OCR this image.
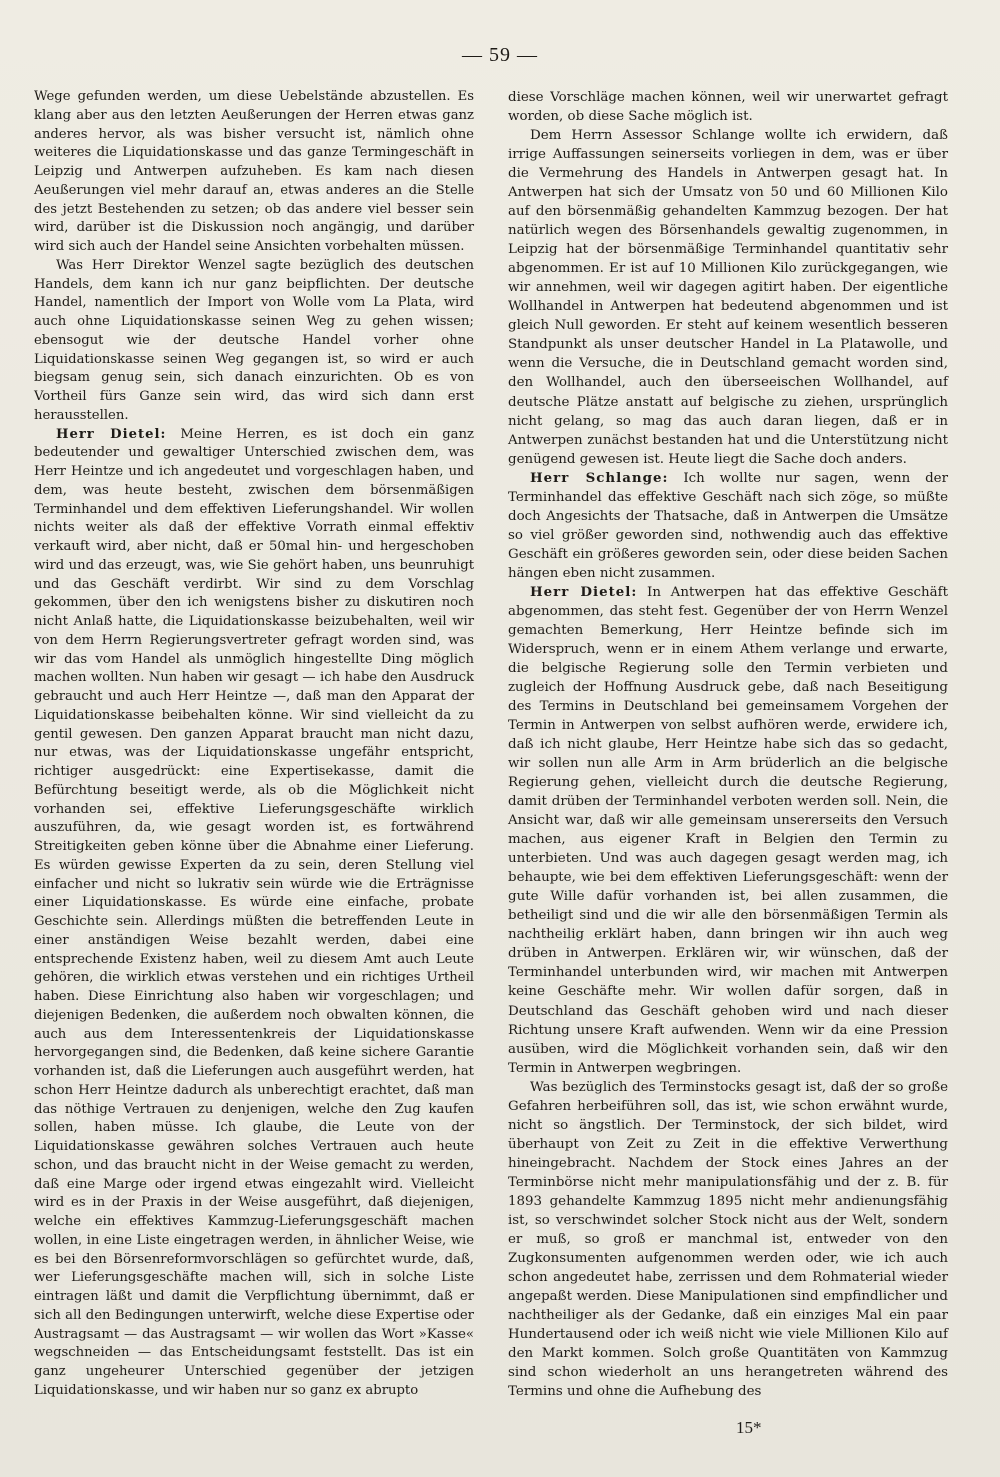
— 59 —

Wege gefunden werden, um diese Uebelstände abzustellen. Es klang aber aus den letzten Aeußerungen der Herren etwas ganz anderes hervor, als was bisher versucht ist, nämlich ohne weiteres die Liquidationskasse und das ganze Termingeschäft in Leipzig und Antwerpen aufzuheben. Es kam nach diesen Aeußerungen viel mehr darauf an, etwas anderes an die Stelle des jetzt Bestehenden zu setzen; ob das andere viel besser sein wird, darüber ist die Diskussion noch angängig, und darüber wird sich auch der Handel seine Ansichten vorbehalten müssen.

Was Herr Direktor Wenzel sagte bezüglich des deutschen Handels, dem kann ich nur ganz beipflichten. Der deutsche Handel, namentlich der Import von Wolle vom La Plata, wird auch ohne Liquidationskasse seinen Weg zu gehen wissen; ebensogut wie der deutsche Handel vorher ohne Liquidationskasse seinen Weg gegangen ist, so wird er auch biegsam genug sein, sich danach einzurichten. Ob es von Vortheil fürs Ganze sein wird, das wird sich dann erst herausstellen.

Herr Dietel: Meine Herren, es ist doch ein ganz bedeutender und gewaltiger Unterschied zwischen dem, was Herr Heintze und ich angedeutet und vorgeschlagen haben, und dem, was heute besteht, zwischen dem börsenmäßigen Terminhandel und dem effektiven Lieferungshandel. Wir wollen nichts weiter als daß der effektive Vorrath einmal effektiv verkauft wird, aber nicht, daß er 50mal hin- und hergeschoben wird und das erzeugt, was, wie Sie gehört haben, uns beunruhigt und das Geschäft verdirbt. Wir sind zu dem Vorschlag gekommen, über den ich wenigstens bisher zu diskutiren noch nicht Anlaß hatte, die Liquidationskasse beizubehalten, weil wir von dem Herrn Regierungsvertreter gefragt worden sind, was wir das vom Handel als unmöglich hingestellte Ding möglich machen wollten. Nun haben wir gesagt — ich habe den Ausdruck gebraucht und auch Herr Heintze —, daß man den Apparat der Liquidationskasse beibehalten könne. Wir sind vielleicht da zu gentil gewesen. Den ganzen Apparat braucht man nicht dazu, nur etwas, was der Liquidationskasse ungefähr entspricht, richtiger ausgedrückt: eine Expertisekasse, damit die Befürchtung beseitigt werde, als ob die Möglichkeit nicht vorhanden sei, effektive Lieferungsgeschäfte wirklich auszuführen, da, wie gesagt worden ist, es fortwährend Streitigkeiten geben könne über die Abnahme einer Lieferung. Es würden gewisse Experten da zu sein, deren Stellung viel einfacher und nicht so lukrativ sein würde wie die Erträgnisse einer Liquidationskasse. Es würde eine einfache, probate Geschichte sein. Allerdings müßten die betreffenden Leute in einer anständigen Weise bezahlt werden, dabei eine entsprechende Existenz haben, weil zu diesem Amt auch Leute gehören, die wirklich etwas verstehen und ein richtiges Urtheil haben. Diese Einrichtung also haben wir vorgeschlagen; und diejenigen Bedenken, die außerdem noch obwalten können, die auch aus dem Interessentenkreis der Liquidationskasse hervorgegangen sind, die Bedenken, daß keine sichere Garantie vorhanden ist, daß die Lieferungen auch ausgeführt werden, hat schon Herr Heintze dadurch als unberechtigt erachtet, daß man das nöthige Vertrauen zu denjenigen, welche den Zug kaufen sollen, haben müsse. Ich glaube, die Leute von der Liquidationskasse gewähren solches Vertrauen auch heute schon, und das braucht nicht in der Weise gemacht zu werden, daß eine Marge oder irgend etwas eingezahlt wird. Vielleicht wird es in der Praxis in der Weise ausgeführt, daß diejenigen, welche ein effektives Kammzug-Lieferungsgeschäft machen wollen, in eine Liste eingetragen werden, in ähnlicher Weise, wie es bei den Börsenreformvorschlägen so gefürchtet wurde, daß, wer Lieferungsgeschäfte machen will, sich in solche Liste eintragen läßt und damit die Verpflichtung übernimmt, daß er sich all den Bedingungen unterwirft, welche diese Expertise oder Austragsamt — das Austragsamt — wir wollen das Wort »Kasse« wegschneiden — das Entscheidungsamt feststellt. Das ist ein ganz ungeheurer Unterschied gegenüber der jetzigen Liquidationskasse, und wir haben nur so ganz ex abrupto

diese Vorschläge machen können, weil wir unerwartet gefragt worden, ob diese Sache möglich ist.

Dem Herrn Assessor Schlange wollte ich erwidern, daß irrige Auffassungen seinerseits vorliegen in dem, was er über die Vermehrung des Handels in Antwerpen gesagt hat. In Antwerpen hat sich der Umsatz von 50 und 60 Millionen Kilo auf den börsenmäßig gehandelten Kammzug bezogen. Der hat natürlich wegen des Börsenhandels gewaltig zugenommen, in Leipzig hat der börsenmäßige Terminhandel quantitativ sehr abgenommen. Er ist auf 10 Millionen Kilo zurückgegangen, wie wir annehmen, weil wir dagegen agitirt haben. Der eigentliche Wollhandel in Antwerpen hat bedeutend abgenommen und ist gleich Null geworden. Er steht auf keinem wesentlich besseren Standpunkt als unser deutscher Handel in La Platawolle, und wenn die Versuche, die in Deutschland gemacht worden sind, den Wollhandel, auch den überseeischen Wollhandel, auf deutsche Plätze anstatt auf belgische zu ziehen, ursprünglich nicht gelang, so mag das auch daran liegen, daß er in Antwerpen zunächst bestanden hat und die Unterstützung nicht genügend gewesen ist. Heute liegt die Sache doch anders.

Herr Schlange: Ich wollte nur sagen, wenn der Terminhandel das effektive Geschäft nach sich zöge, so müßte doch Angesichts der Thatsache, daß in Antwerpen die Umsätze so viel größer geworden sind, nothwendig auch das effektive Geschäft ein größeres geworden sein, oder diese beiden Sachen hängen eben nicht zusammen.

Herr Dietel: In Antwerpen hat das effektive Geschäft abgenommen, das steht fest. Gegenüber der von Herrn Wenzel gemachten Bemerkung, Herr Heintze befinde sich im Widerspruch, wenn er in einem Athem verlange und erwarte, die belgische Regierung solle den Termin verbieten und zugleich der Hoffnung Ausdruck gebe, daß nach Beseitigung des Termins in Deutschland bei gemeinsamem Vorgehen der Termin in Antwerpen von selbst aufhören werde, erwidere ich, daß ich nicht glaube, Herr Heintze habe sich das so gedacht, wir sollen nun alle Arm in Arm brüderlich an die belgische Regierung gehen, vielleicht durch die deutsche Regierung, damit drüben der Terminhandel verboten werden soll. Nein, die Ansicht war, daß wir alle gemeinsam unsererseits den Versuch machen, aus eigener Kraft in Belgien den Termin zu unterbieten. Und was auch dagegen gesagt werden mag, ich behaupte, wie bei dem effektiven Lieferungsgeschäft: wenn der gute Wille dafür vorhanden ist, bei allen zusammen, die betheiligt sind und die wir alle den börsenmäßigen Termin als nachtheilig erklärt haben, dann bringen wir ihn auch weg drüben in Antwerpen. Erklären wir, wir wünschen, daß der Terminhandel unterbunden wird, wir machen mit Antwerpen keine Geschäfte mehr. Wir wollen dafür sorgen, daß in Deutschland das Geschäft gehoben wird und nach dieser Richtung unsere Kraft aufwenden. Wenn wir da eine Pression ausüben, wird die Möglichkeit vorhanden sein, daß wir den Termin in Antwerpen wegbringen.

Was bezüglich des Terminstocks gesagt ist, daß der so große Gefahren herbeiführen soll, das ist, wie schon erwähnt wurde, nicht so ängstlich. Der Terminstock, der sich bildet, wird überhaupt von Zeit zu Zeit in die effektive Verwerthung hineingebracht. Nachdem der Stock eines Jahres an der Terminbörse nicht mehr manipulationsfähig und der z. B. für 1893 gehandelte Kammzug 1895 nicht mehr andienungsfähig ist, so verschwindet solcher Stock nicht aus der Welt, sondern er muß, so groß er manchmal ist, entweder von den Zugkonsumenten aufgenommen werden oder, wie ich auch schon angedeutet habe, zerrissen und dem Rohmaterial wieder angepaßt werden. Diese Manipulationen sind empfindlicher und nachtheiliger als der Gedanke, daß ein einziges Mal ein paar Hundertausend oder ich weiß nicht wie viele Millionen Kilo auf den Markt kommen. Solch große Quantitäten von Kammzug sind schon wiederholt an uns herangetreten während des Termins und ohne die Aufhebung des

15*
